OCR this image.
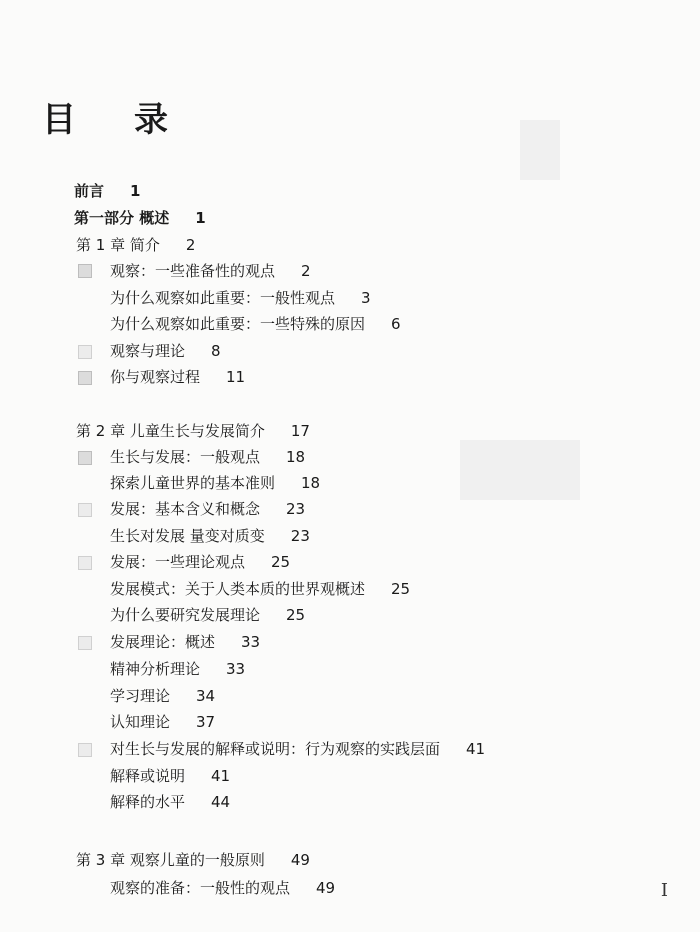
目 录
前言 1
第一部分 概述 1
第 1 章 简介 2
观察：一些准备性的观点 2
为什么观察如此重要：一般性观点 3
为什么观察如此重要：一些特殊的原因 6
观察与理论 8
你与观察过程 11
第 2 章 儿童生长与发展简介 17
生长与发展：一般观点 18
探索儿童世界的基本准则 18
发展：基本含义和概念 23
生长对发展 量变对质变 23
发展：一些理论观点 25
发展模式：关于人类本质的世界观概述 25
为什么要研究发展理论 25
发展理论：概述 33
精神分析理论 33
学习理论 34
认知理论 37
对生长与发展的解释或说明：行为观察的实践层面 41
解释或说明 41
解释的水平 44
第 3 章 观察儿童的一般原则 49
观察的准备：一般性的观点 49	I
